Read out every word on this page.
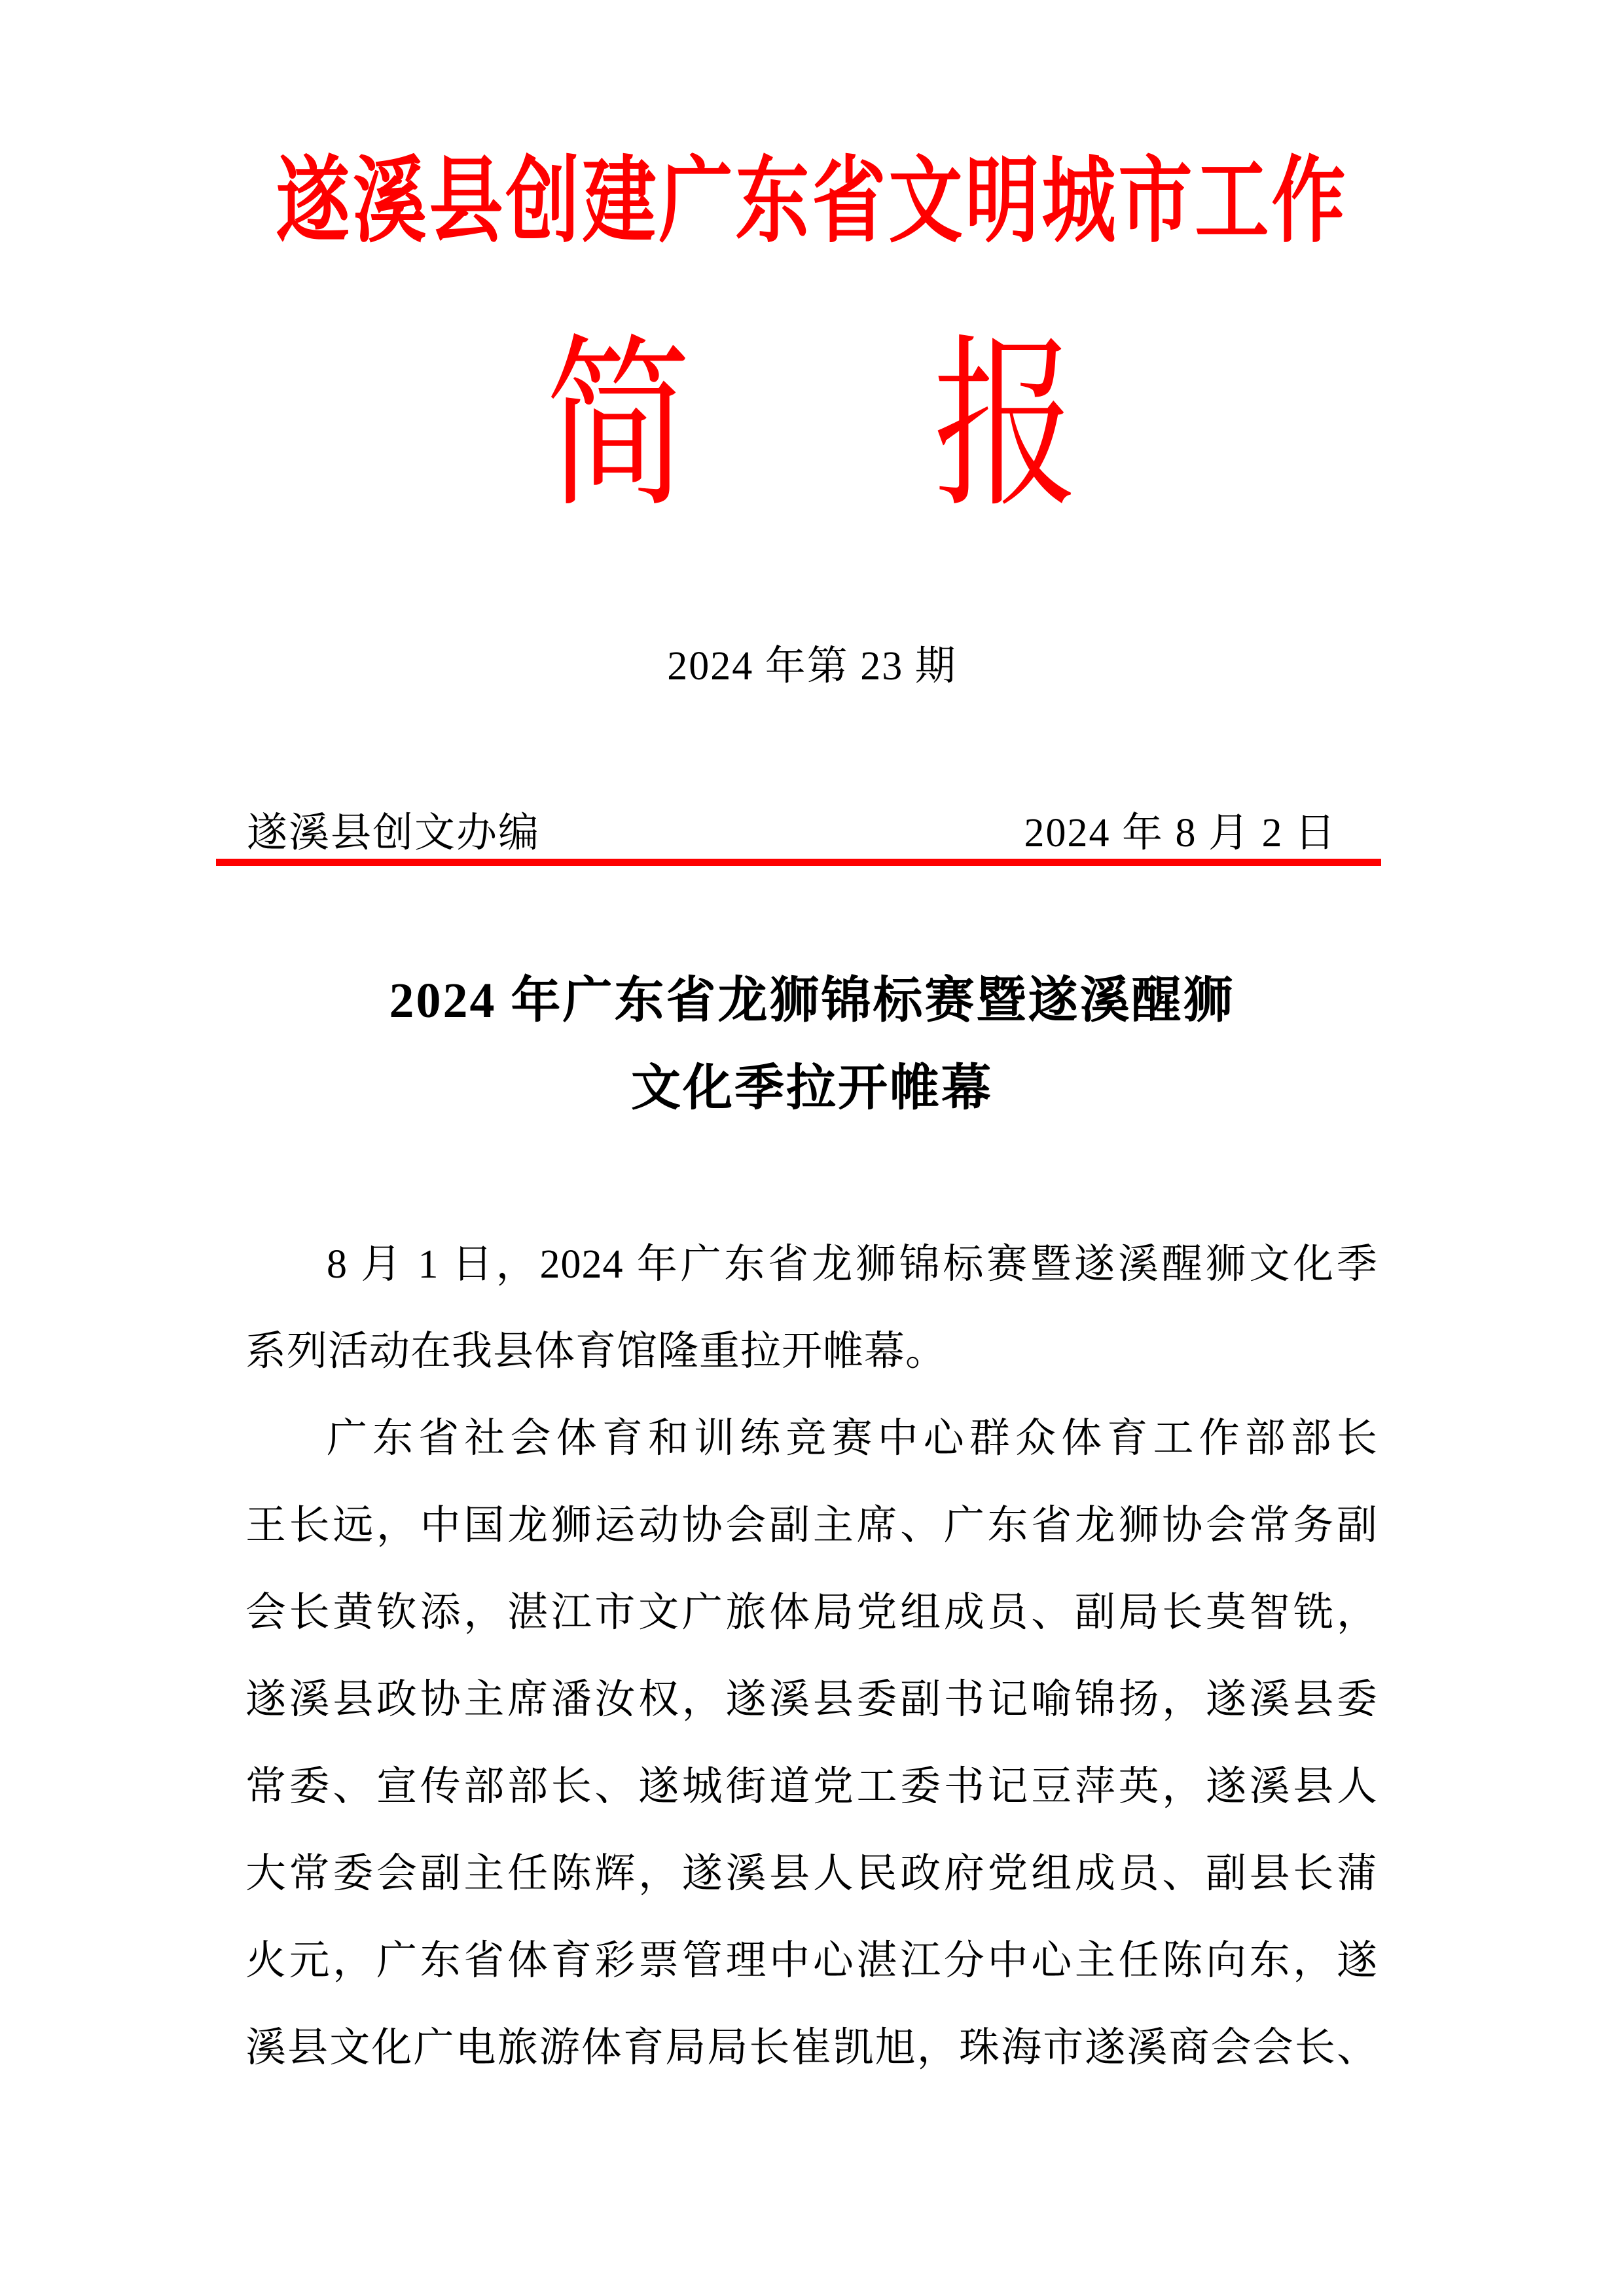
遂溪县创建广东省文明城市工作
简 报
2024 年第 23 期
遂溪县创文办编	2024 年 8 月 2 日
2024 年广东省龙狮锦标赛暨遂溪醒狮
文化季拉开帷幕
8 月 1 日，2024 年广东省龙狮锦标赛暨遂溪醒狮文化季
系列活动在我县体育馆隆重拉开帷幕。
广东省社会体育和训练竞赛中心群众体育工作部部长
王长远，中国龙狮运动协会副主席、广东省龙狮协会常务副
会长黄钦添，湛江市文广旅体局党组成员、副局长莫智铣，
遂溪县政协主席潘汝权，遂溪县委副书记喻锦扬，遂溪县委
常委、宣传部部长、遂城街道党工委书记豆萍英，遂溪县人
大常委会副主任陈辉，遂溪县人民政府党组成员、副县长蒲
火元，广东省体育彩票管理中心湛江分中心主任陈向东，遂
溪县文化广电旅游体育局局长崔凯旭，珠海市遂溪商会会长、
